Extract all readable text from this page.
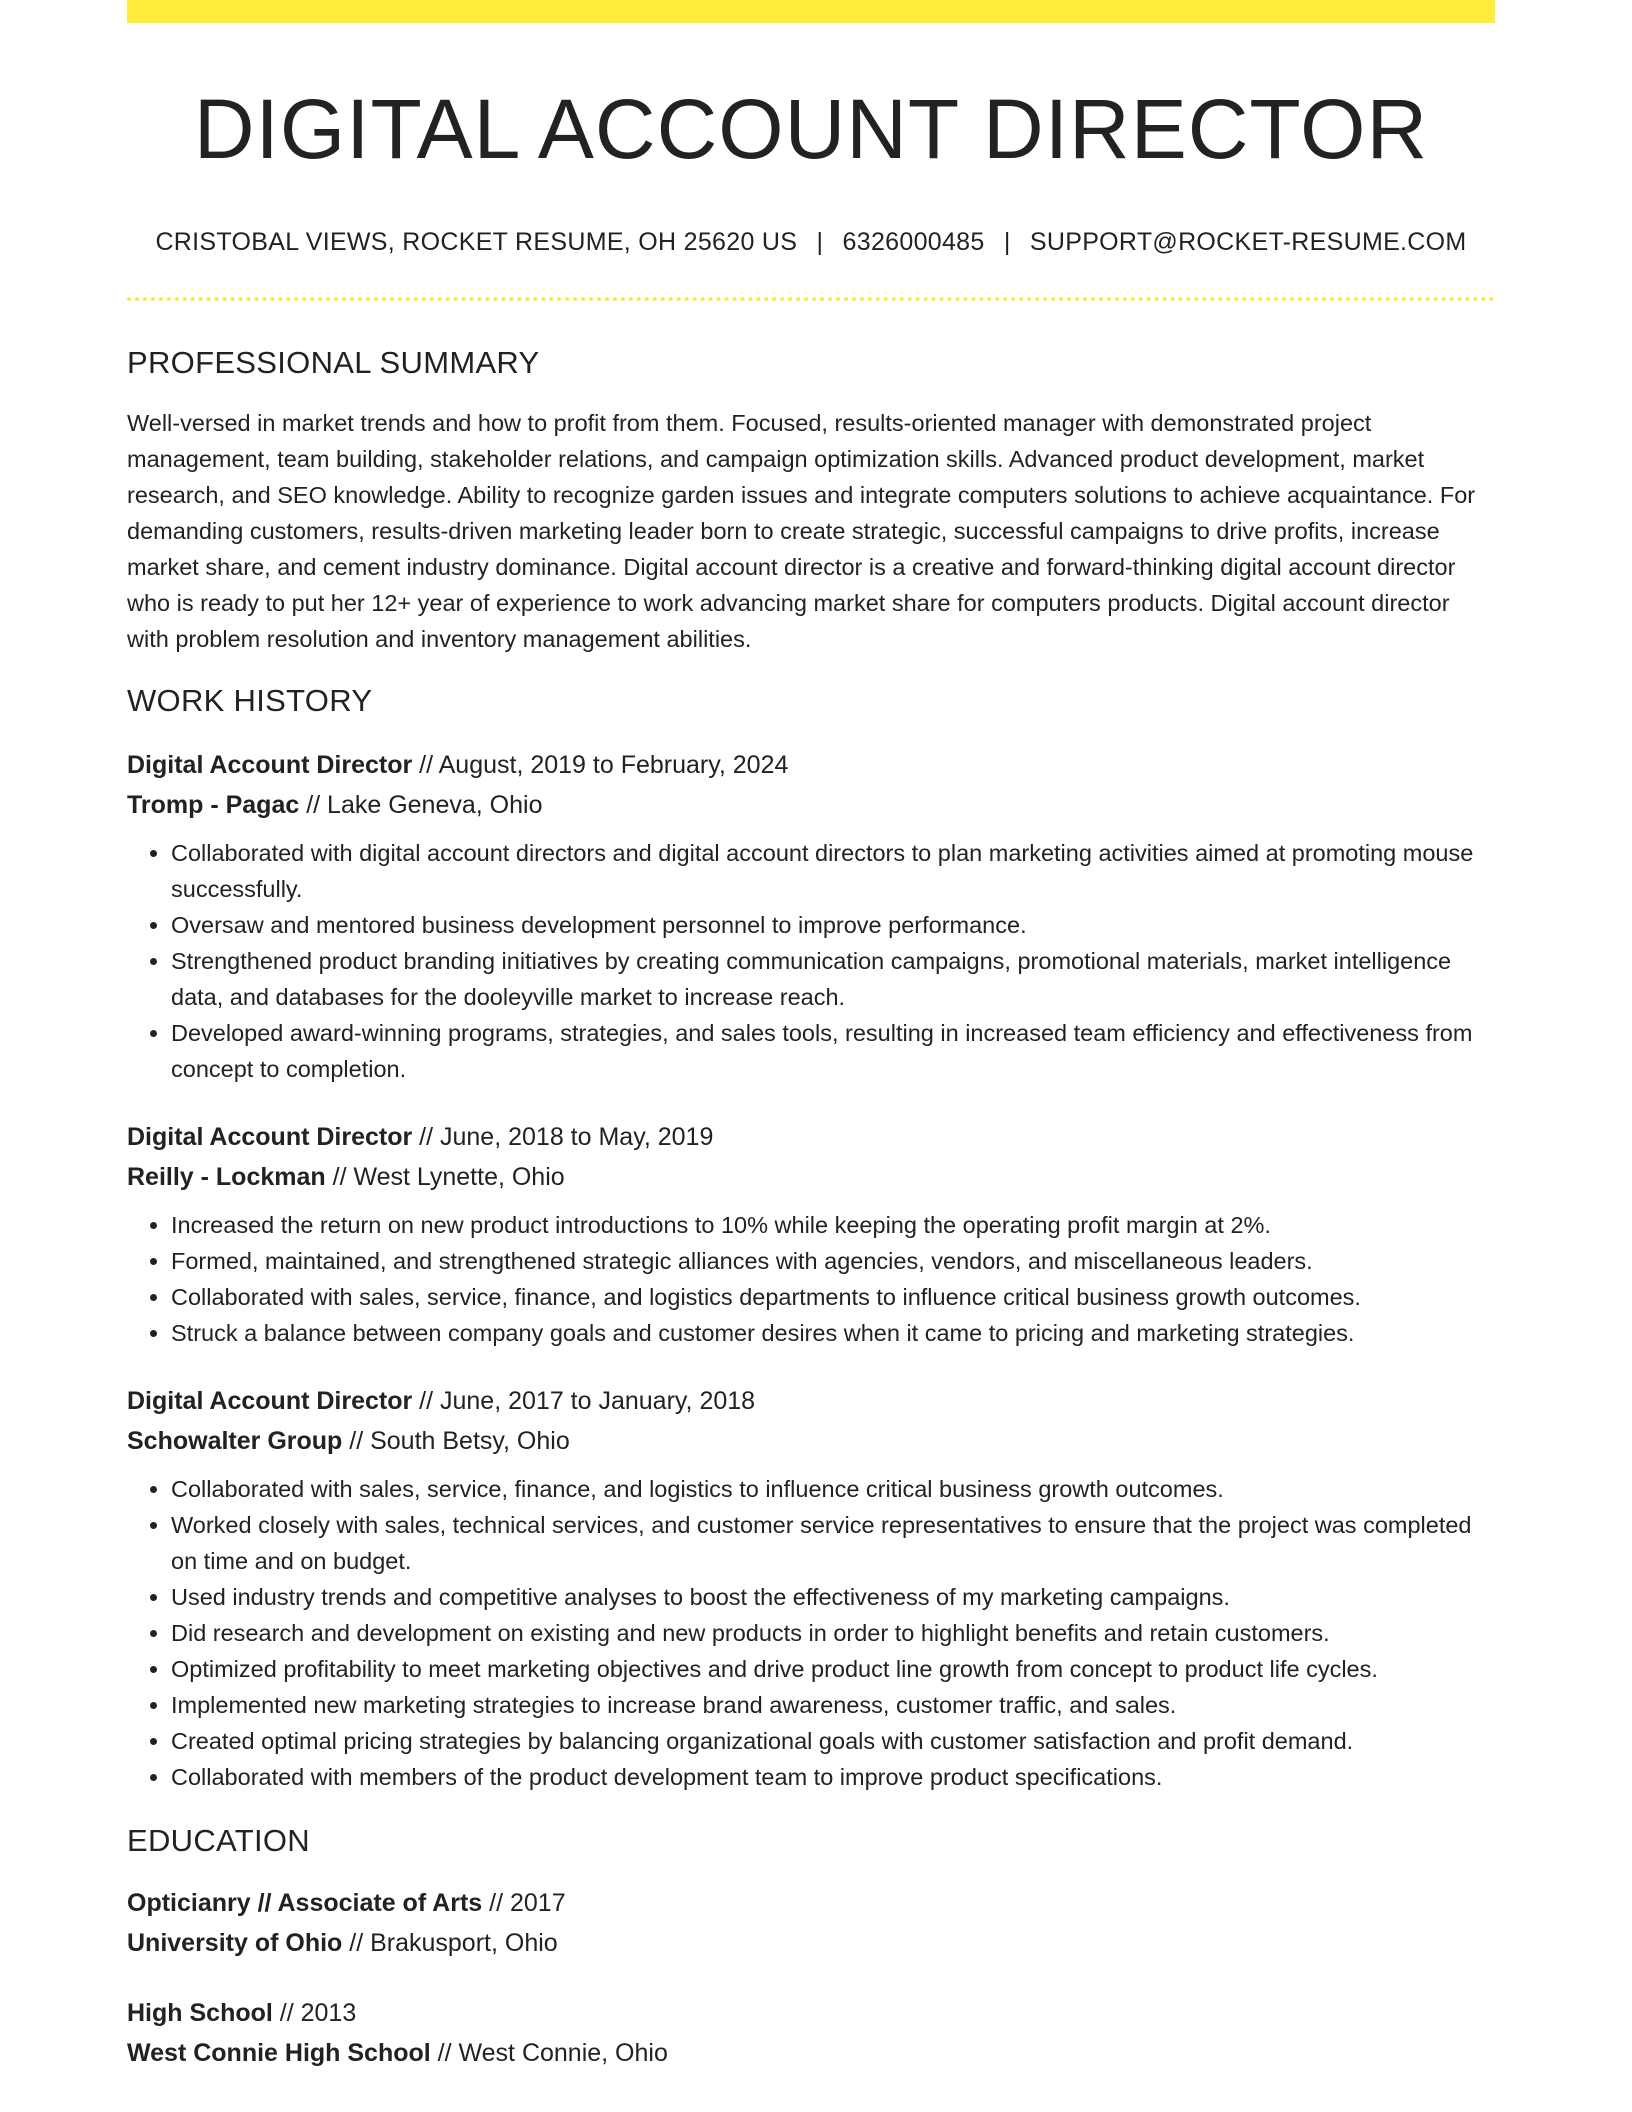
DIGITAL ACCOUNT DIRECTOR
CRISTOBAL VIEWS, ROCKET RESUME, OH 25620 US | 6326000485 | SUPPORT@ROCKET-RESUME.COM
PROFESSIONAL SUMMARY

Well-versed in market trends and how to profit from them. Focused, results-oriented manager with demonstrated project management, team building, stakeholder relations, and campaign optimization skills. Advanced product development, market research, and SEO knowledge. Ability to recognize garden issues and integrate computers solutions to achieve acquaintance. For demanding customers, results-driven marketing leader born to create strategic, successful campaigns to drive profits, increase market share, and cement industry dominance. Digital account director is a creative and forward-thinking digital account director who is ready to put her 12+ year of experience to work advancing market share for computers products. Digital account director with problem resolution and inventory management abilities.

WORK HISTORY
Digital Account Director // August, 2019 to February, 2024
Tromp - Pagac // Lake Geneva, Ohio
• Collaborated with digital account directors and digital account directors to plan marketing activities aimed at promoting mouse successfully.
• Oversaw and mentored business development personnel to improve performance.
• Strengthened product branding initiatives by creating communication campaigns, promotional materials, market intelligence data, and databases for the dooleyville market to increase reach.
• Developed award-winning programs, strategies, and sales tools, resulting in increased team efficiency and effectiveness from concept to completion.
Digital Account Director // June, 2018 to May, 2019
Reilly - Lockman // West Lynette, Ohio
• Increased the return on new product introductions to 10% while keeping the operating profit margin at 2%.
• Formed, maintained, and strengthened strategic alliances with agencies, vendors, and miscellaneous leaders.
• Collaborated with sales, service, finance, and logistics departments to influence critical business growth outcomes.
• Struck a balance between company goals and customer desires when it came to pricing and marketing strategies.
Digital Account Director // June, 2017 to January, 2018
Schowalter Group // South Betsy, Ohio
• Collaborated with sales, service, finance, and logistics to influence critical business growth outcomes.
• Worked closely with sales, technical services, and customer service representatives to ensure that the project was completed on time and on budget.
• Used industry trends and competitive analyses to boost the effectiveness of my marketing campaigns.
• Did research and development on existing and new products in order to highlight benefits and retain customers.
• Optimized profitability to meet marketing objectives and drive product line growth from concept to product life cycles.
• Implemented new marketing strategies to increase brand awareness, customer traffic, and sales.
• Created optimal pricing strategies by balancing organizational goals with customer satisfaction and profit demand.
• Collaborated with members of the product development team to improve product specifications.
EDUCATION
Opticianry // Associate of Arts // 2017
University of Ohio // Brakusport, Ohio
High School // 2013
West Connie High School // West Connie, Ohio
